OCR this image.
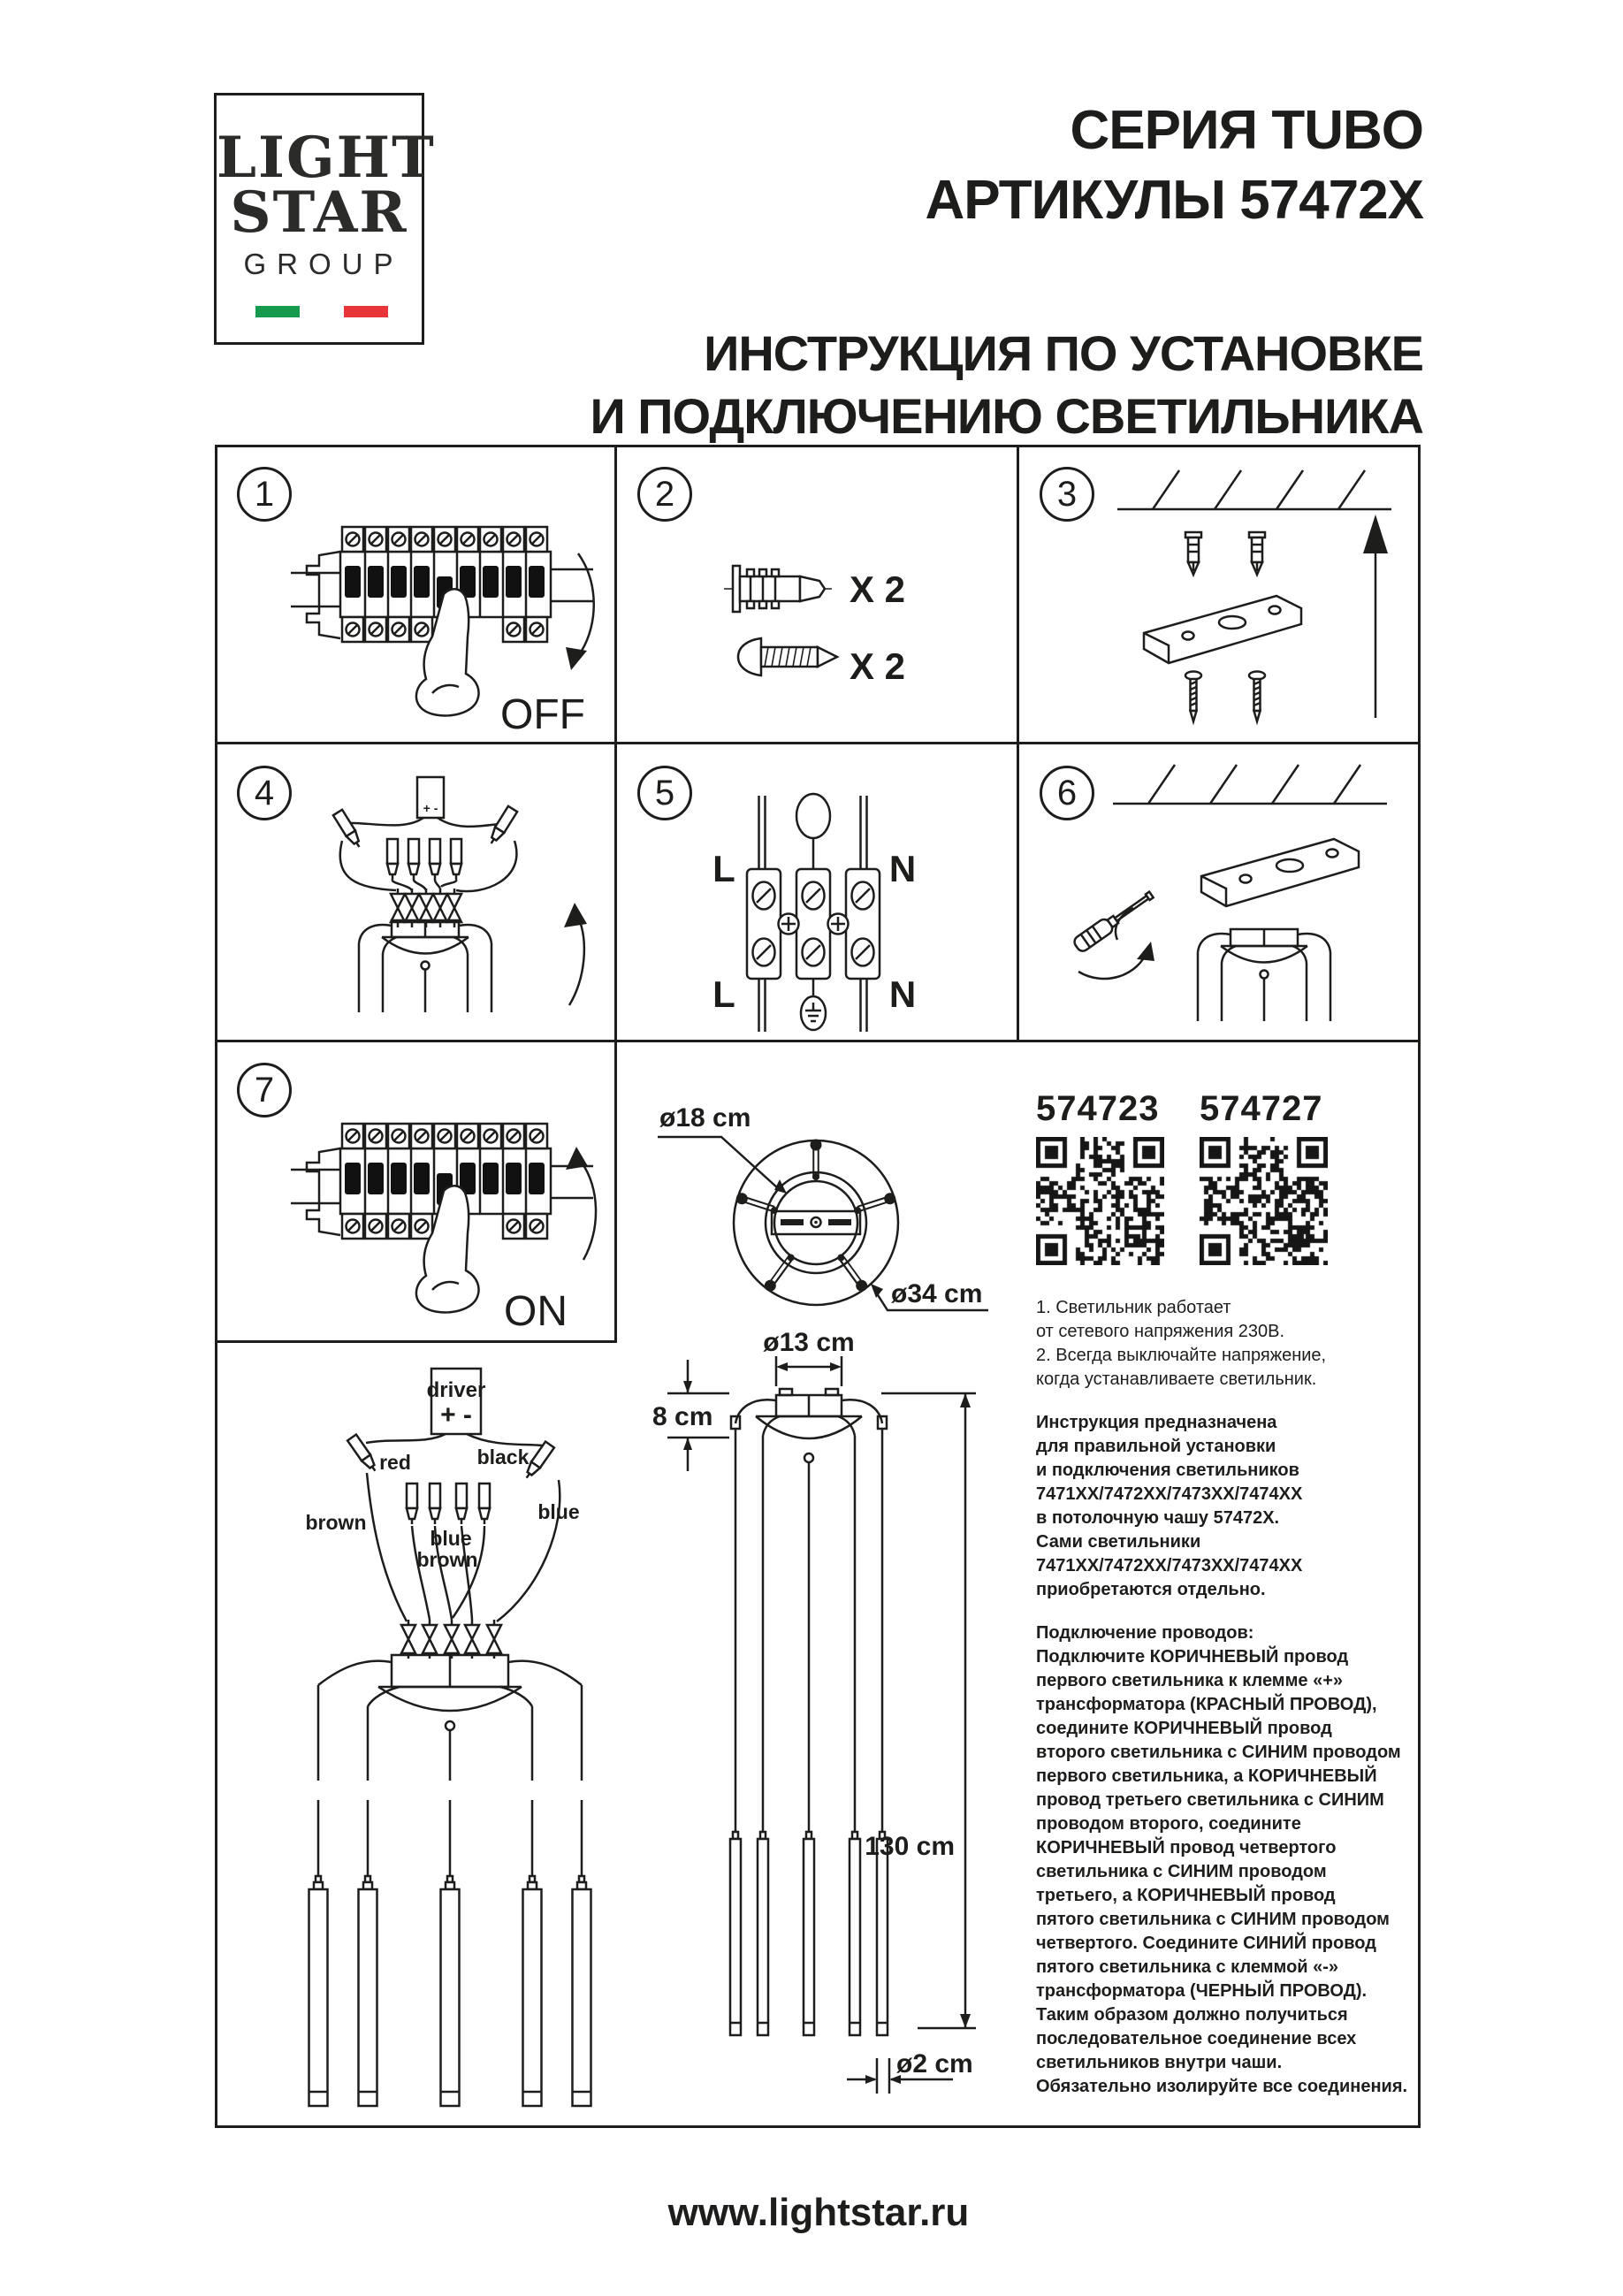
LIGHT
STAR
GROUP
СЕРИЯ TUBO
АРТИКУЛЫ 57472X
ИНСТРУКЦИЯ ПО УСТАНОВКЕ
И ПОДКЛЮЧЕНИЮ СВЕТИЛЬНИКА
1	2	3
4	5	6
7
OFF
X 2
X 2
+ -
L	N
L	N
ON
driver
+ -
red	black
brown	blue
blue
brown
ø18 cm
ø34 cm
ø13 cm
8 cm
130 cm
ø2 cm
574723 574727
1. Светильник работает
от сетевого напряжения 230В.
2. Всегда выключайте напряжение,
когда устанавливаете светильник.
Инструкция предназначена
для правильной установки
и подключения светильников
7471XX/7472XX/7473XX/7474XX
в потолочную чашу 57472X.
Сами светильники
7471XX/7472XX/7473XX/7474XX
приобретаются отдельно.
Подключение проводов:
Подключите КОРИЧНЕВЫЙ провод
первого светильника к клемме «+»
трансформатора (КРАСНЫЙ ПРОВОД),
соедините КОРИЧНЕВЫЙ провод
второго светильника с СИНИМ проводом
первого светильника, а КОРИЧНЕВЫЙ
провод третьего светильника с СИНИМ
проводом второго, соедините
КОРИЧНЕВЫЙ провод четвертого
светильника с СИНИМ проводом
третьего, а КОРИЧНЕВЫЙ провод
пятого светильника с СИНИМ проводом
четвертого. Соедините СИНИЙ провод
пятого светильника с клеммой «-»
трансформатора (ЧЕРНЫЙ ПРОВОД).
Таким образом должно получиться
последовательное соединение всех
светильников внутри чаши.
Обязательно изолируйте все соединения.
www.lightstar.ru
